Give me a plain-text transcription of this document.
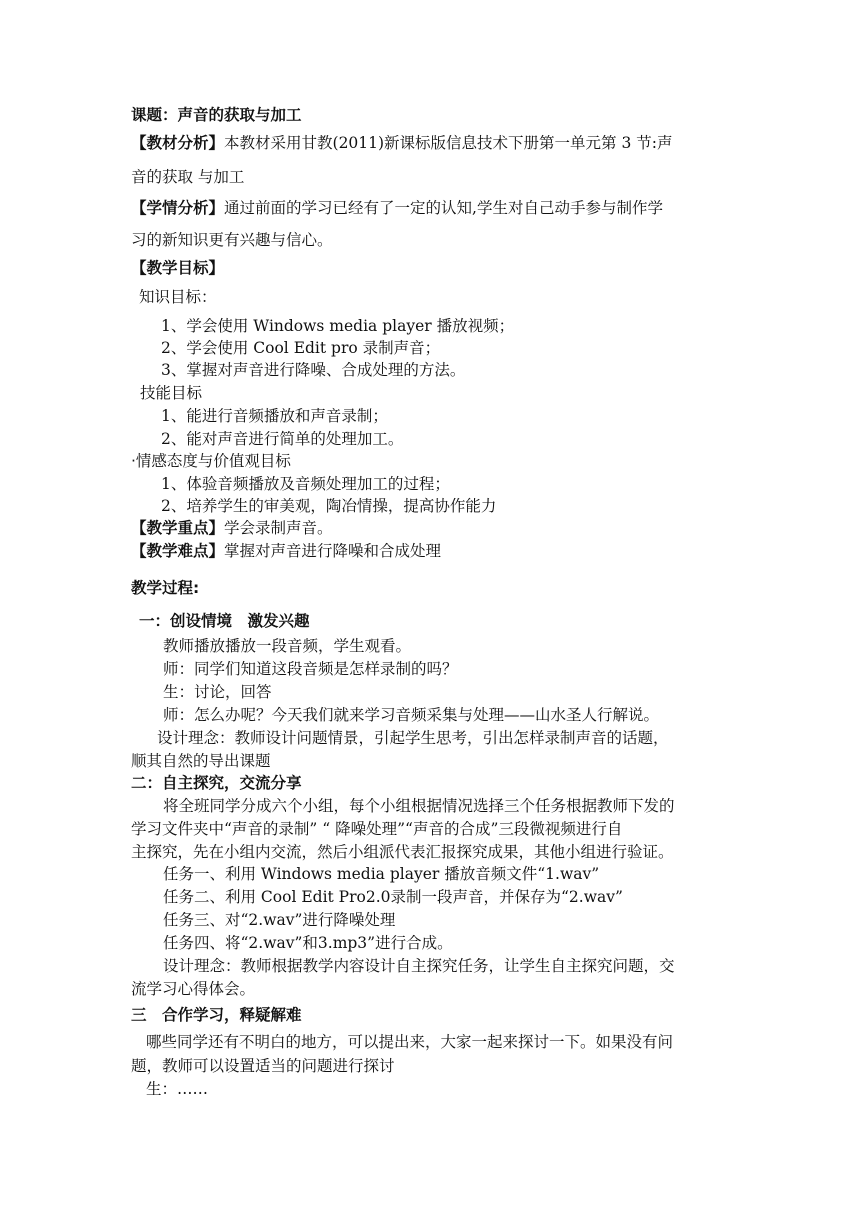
课题：声音的获取与加工
【教材分析】本教材采用甘教(2011)新课标版信息技术下册第一单元第 3 节:声
音的获取 与加工
【学情分析】通过前面的学习已经有了一定的认知,学生对自己动手参与制作学
习的新知识更有兴趣与信心。
【教学目标】
知识目标：
1、学会使用 Windows media player 播放视频；
2、学会使用 Cool Edit pro 录制声音；
3、掌握对声音进行降噪、合成处理的方法。
技能目标
1、能进行音频播放和声音录制；
2、能对声音进行简单的处理加工。
·情感态度与价值观目标
1、体验音频播放及音频处理加工的过程；
2、培养学生的审美观，陶冶情操，提高协作能力
【教学重点】学会录制声音。
【教学难点】掌握对声音进行降噪和合成处理
教学过程:
一：创设情境　激发兴趣
教师播放播放一段音频，学生观看。
师：同学们知道这段音频是怎样录制的吗？
生：讨论，回答
师：怎么办呢？今天我们就来学习音频采集与处理——山水圣人行解说。
设计理念：教师设计问题情景，引起学生思考，引出怎样录制声音的话题，
顺其自然的导出课题
二：自主探究，交流分享
将全班同学分成六个小组，每个小组根据情况选择三个任务根据教师下发的
学习文件夹中“声音的录制” “ 降噪处理”“声音的合成”三段微视频进行自
主探究，先在小组内交流，然后小组派代表汇报探究成果，其他小组进行验证。
任务一、利用 Windows media player 播放音频文件“1.wav”
任务二、利用 Cool Edit Pro2.0录制一段声音，并保存为“2.wav”
任务三、对“2.wav”进行降噪处理
任务四、将“2.wav”和3.mp3”进行合成。
设计理念：教师根据教学内容设计自主探究任务，让学生自主探究问题，交
流学习心得体会。
三　合作学习，释疑解难
哪些同学还有不明白的地方，可以提出来，大家一起来探讨一下。如果没有问
题，教师可以设置适当的问题进行探讨
生：……
